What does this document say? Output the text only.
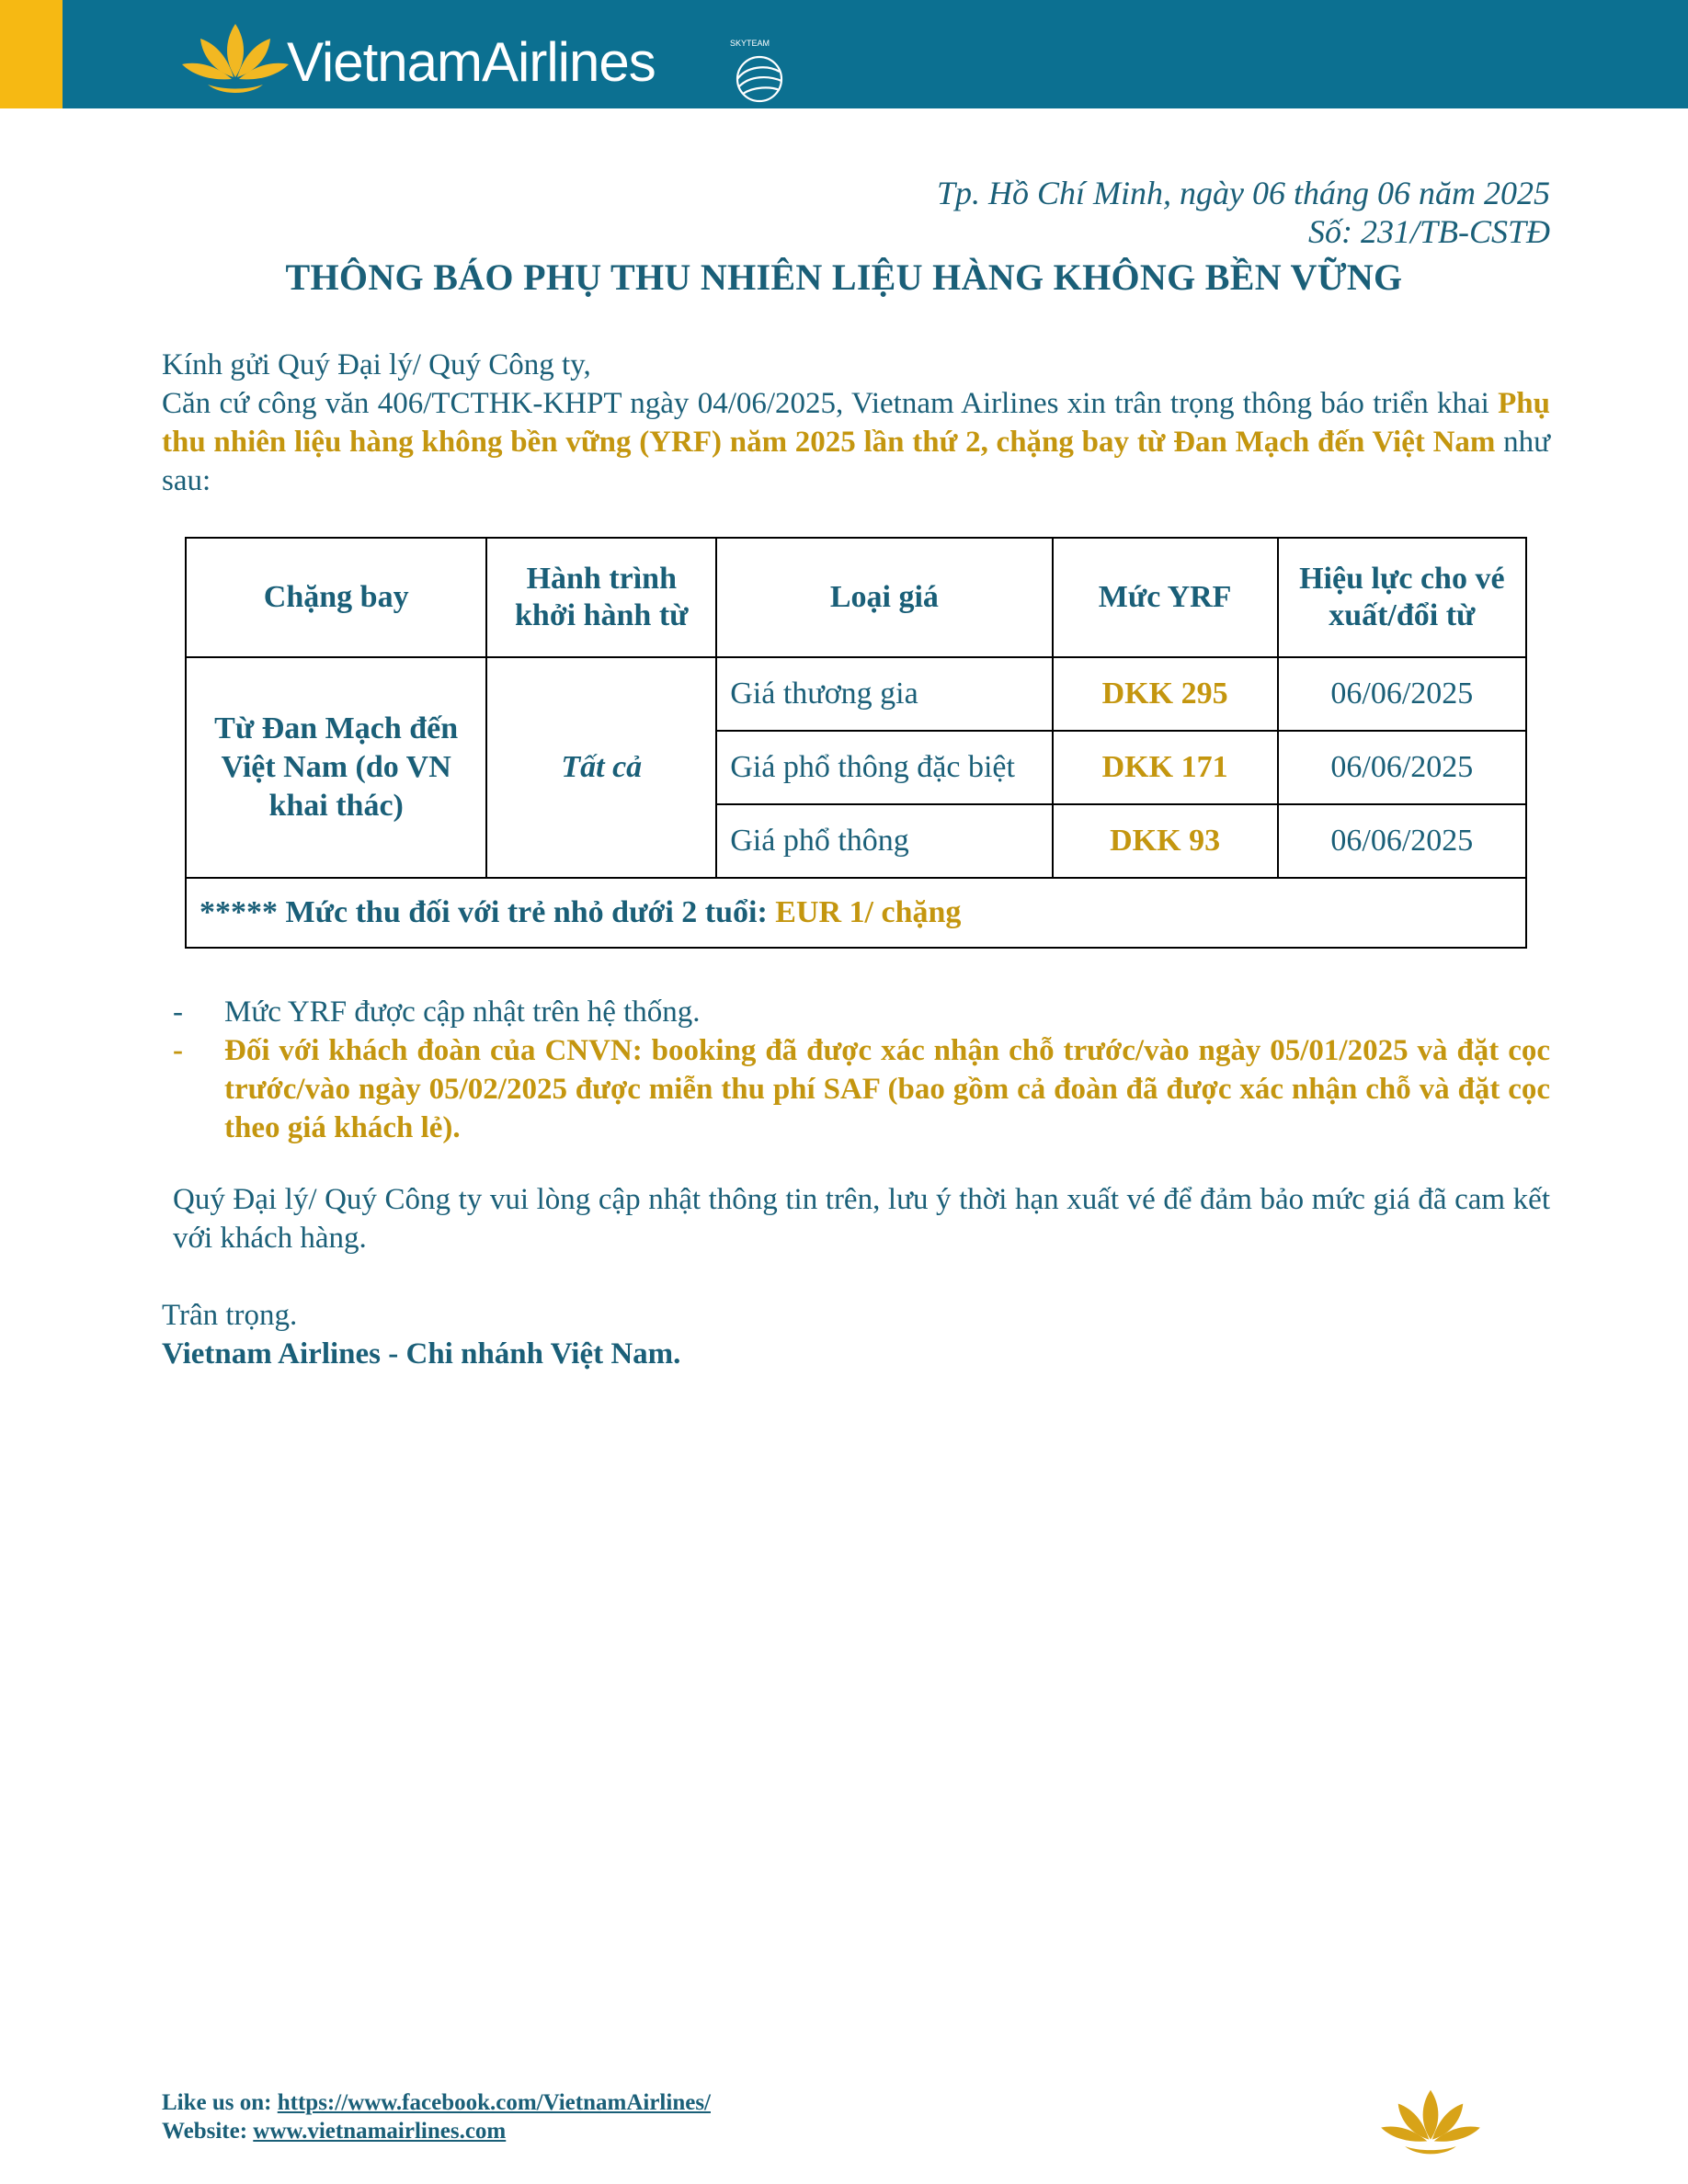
VietnamAirlines	SKYTEAM
Tp. Hồ Chí Minh, ngày 06 tháng 06 năm 2025
Số: 231/TB-CSTĐ
THÔNG BÁO PHỤ THU NHIÊN LIỆU HÀNG KHÔNG BỀN VỮNG
Kính gửi Quý Đại lý/ Quý Công ty,
Căn cứ công văn 406/TCTHK-KHPT ngày 04/06/2025, Vietnam Airlines xin trân trọng thông báo triển khai Phụ thu nhiên liệu hàng không bền vững (YRF) năm 2025 lần thứ 2, chặng bay từ Đan Mạch đến Việt Nam như sau:
Chặng bay	Hành trình khởi hành từ	Loại giá	Mức YRF	Hiệu lực cho vé xuất/đổi từ
Từ Đan Mạch đến Việt Nam (do VN khai thác)	Tất cả	Giá thương gia	DKK 295	06/06/2025
		Giá phổ thông đặc biệt	DKK 171	06/06/2025
		Giá phổ thông	DKK 93	06/06/2025
***** Mức thu đối với trẻ nhỏ dưới 2 tuổi: EUR 1/ chặng				
- Mức YRF được cập nhật trên hệ thống.
- Đối với khách đoàn của CNVN: booking đã được xác nhận chỗ trước/vào ngày 05/01/2025 và đặt cọc trước/vào ngày 05/02/2025 được miễn thu phí SAF (bao gồm cả đoàn đã được xác nhận chỗ và đặt cọc theo giá khách lẻ).
Quý Đại lý/ Quý Công ty vui lòng cập nhật thông tin trên, lưu ý thời hạn xuất vé để đảm bảo mức giá đã cam kết với khách hàng.
Trân trọng.
Vietnam Airlines - Chi nhánh Việt Nam.
Like us on: https://www.facebook.com/VietnamAirlines/
Website: www.vietnamairlines.com
